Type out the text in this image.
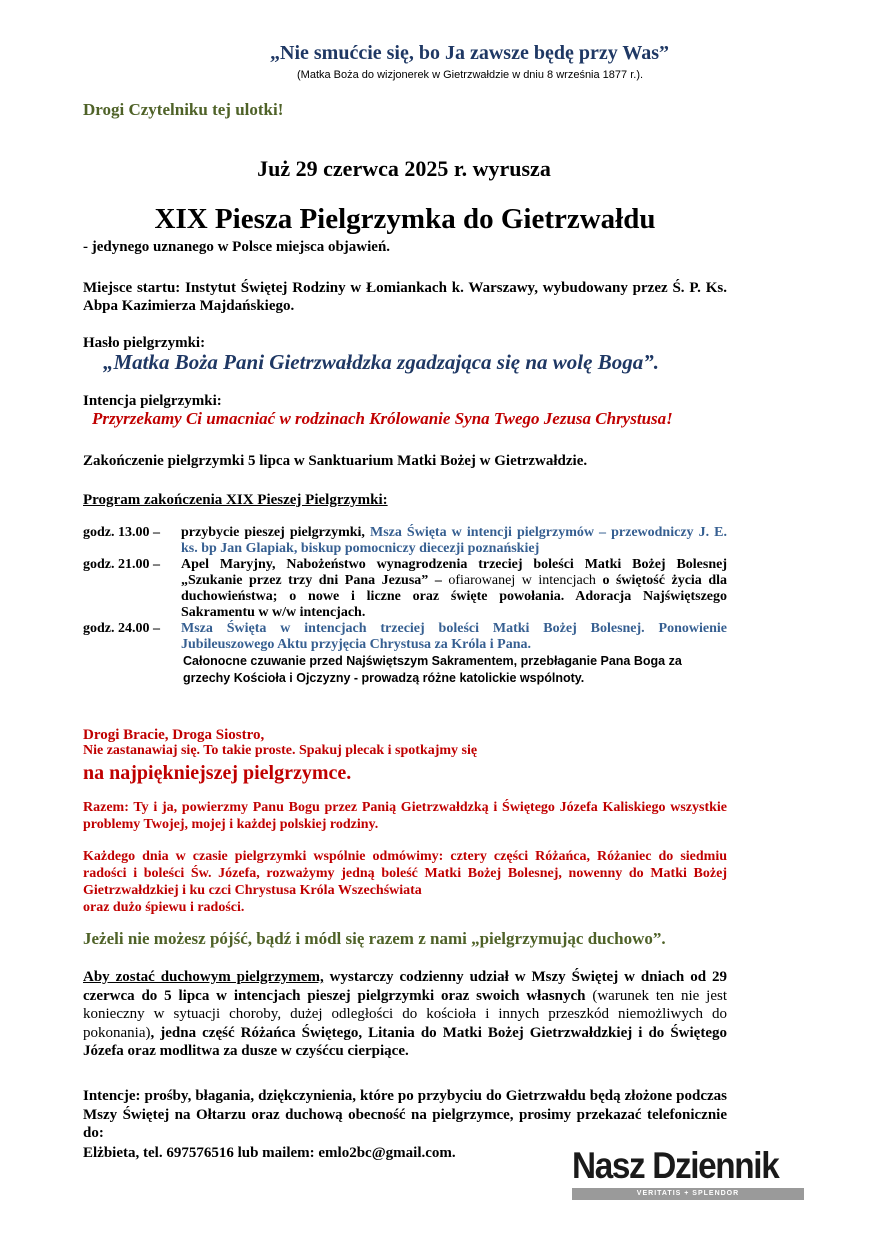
„Nie smućcie się, bo Ja zawsze będę przy Was”
(Matka Boża do wizjonerek w Gietrzwałdzie w dniu 8 września 1877 r.).
Drogi Czytelniku tej ulotki!
Już 29 czerwca 2025 r. wyrusza
XIX Piesza Pielgrzymka do Gietrzwałdu
- jedynego uznanego w Polsce miejsca objawień.
Miejsce startu: Instytut Świętej Rodziny w Łomiankach k. Warszawy, wybudowany przez Ś. P. Ks. Abpa Kazimierza Majdańskiego.
Hasło pielgrzymki:
„Matka Boża Pani Gietrzwałdzka zgadzająca się na wolę Boga”.
Intencja pielgrzymki:
Przyrzekamy Ci umacniać w rodzinach Królowanie Syna Twego Jezusa Chrystusa!
Zakończenie pielgrzymki 5 lipca w Sanktuarium Matki Bożej w Gietrzwałdzie.
Program zakończenia XIX Pieszej Pielgrzymki:
godz. 13.00 – przybycie pieszej pielgrzymki, Msza Święta w intencji pielgrzymów – przewodniczy J. E. ks. bp Jan Glapiak, biskup pomocniczy diecezji poznańskiej
godz. 21.00 – Apel Maryjny, Nabożeństwo wynagrodzenia trzeciej boleści Matki Bożej Bolesnej „Szukanie przez trzy dni Pana Jezusa” – ofiarowanej w intencjach o świętość życia dla duchowieństwa; o nowe i liczne oraz święte powołania. Adoracja Najświętszego Sakramentu w w/w intencjach.
godz. 24.00 – Msza Święta w intencjach trzeciej boleści Matki Bożej Bolesnej. Ponowienie Jubileuszowego Aktu przyjęcia Chrystusa za Króla i Pana.
Całonocne czuwanie przed Najświętszym Sakramentem, przebłaganie Pana Boga za grzechy Kościoła i Ojczyzny - prowadzą różne katolickie wspólnoty.
Drogi Bracie, Droga Siostro,
Nie zastanawiaj się. To takie proste. Spakuj plecak i spotkajmy się
na najpiękniejszej pielgrzymce.
Razem: Ty i ja, powierzmy Panu Bogu przez Panią Gietrzwałdzką i Świętego Józefa Kaliskiego wszystkie problemy Twojej, mojej i każdej polskiej rodziny.
Każdego dnia w czasie pielgrzymki wspólnie odmówimy: cztery części Różańca, Różaniec do siedmiu radości i boleści Św. Józefa, rozważymy jedną boleść Matki Bożej Bolesnej, nowenny do Matki Bożej Gietrzwałdzkiej i ku czci Chrystusa Króla Wszechświata
oraz dużo śpiewu i radości.
Jeżeli nie możesz pójść, bądź i módl się razem z nami „pielgrzymując duchowo”.
Aby zostać duchowym pielgrzymem, wystarczy codzienny udział w Mszy Świętej w dniach od 29 czerwca do 5 lipca w intencjach pieszej pielgrzymki oraz swoich własnych (warunek ten nie jest konieczny w sytuacji choroby, dużej odległości do kościoła i innych przeszkód niemożliwych do pokonania), jedna część Różańca Świętego, Litania do Matki Bożej Gietrzwałdzkiej i do Świętego Józefa oraz modlitwa za dusze w czyśćcu cierpiące.
Intencje: prośby, błagania, dziękczynienia, które po przybyciu do Gietrzwałdu będą złożone podczas Mszy Świętej na Ołtarzu oraz duchową obecność na pielgrzymce, prosimy przekazać telefonicznie do:
Elżbieta, tel. 697576516 lub mailem: emlo2bc@gmail.com.	Nasz Dziennik
VERITATIS + SPLENDOR
